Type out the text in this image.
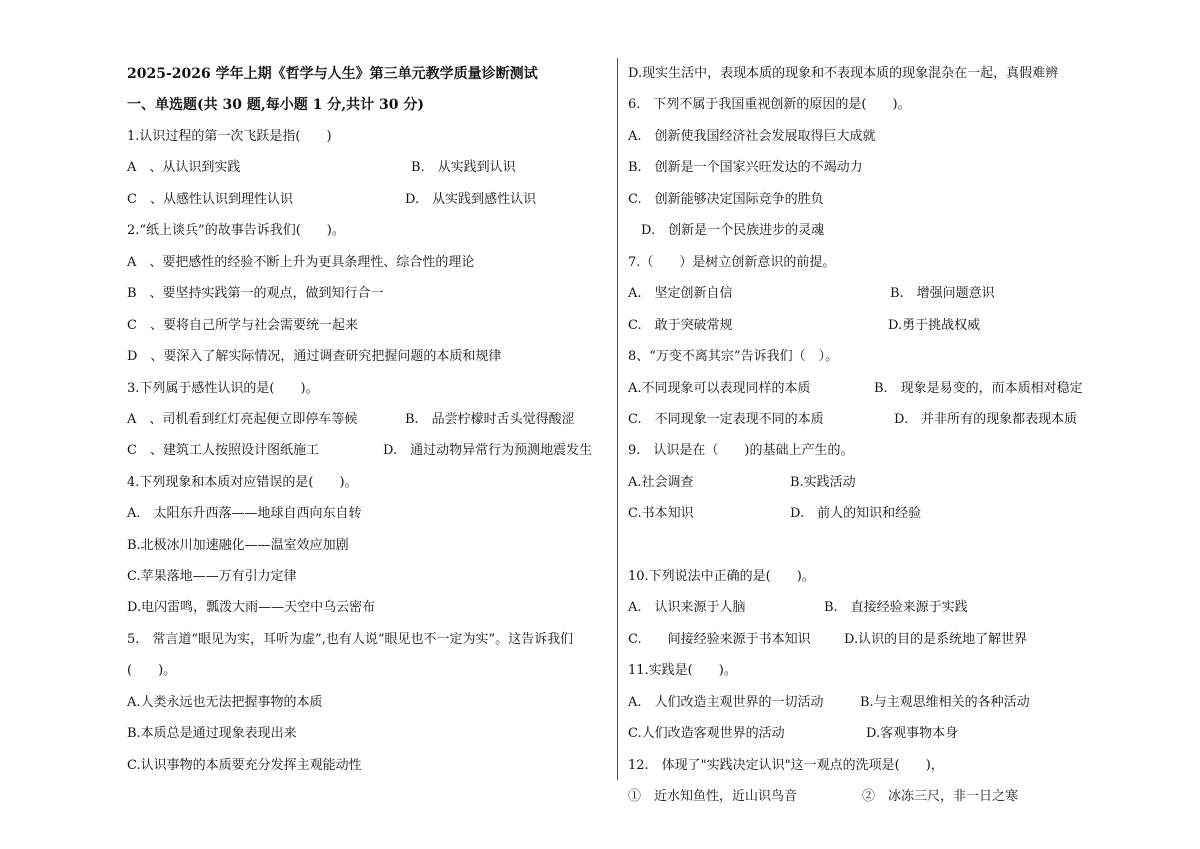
2025-2026 学年上期《哲学与人生》第三单元教学质量诊断测试
一、单选题(共 30 题,每小题 1 分,共计 30 分)
1.认识过程的第一次飞跃是指(　　)
A　、从认识到实践	B.　从实践到认识
C　、从感性认识到理性认识	D.　从实践到感性认识
2.“纸上谈兵”的故事告诉我们(　　)。
A　、要把感性的经验不断上升为更具条理性、综合性的理论
B　、要坚持实践第一的观点，做到知行合一
C　、要将自己所学与社会需要统一起来
D　、要深入了解实际情况，通过调查研究把握问题的本质和规律
3.下列属于感性认识的是(　　)。
A　、司机看到红灯亮起便立即停车等候	B.　品尝柠檬时舌头觉得酸涩
C　、建筑工人按照设计图纸施工	D.　通过动物异常行为预测地震发生
4.下列现象和本质对应错误的是(　　)。
A.　太阳东升西落——地球自西向东自转
B.北极冰川加速融化——温室效应加剧
C.苹果落地——万有引力定律
D.电闪雷鸣，瓢泼大雨——天空中乌云密布
5.　常言道“眼见为实，耳听为虚”,也有人说“眼见也不一定为实”。这告诉我们
(　　)。
A.人类永远也无法把握事物的本质
B.本质总是通过现象表现出来
C.认识事物的本质要充分发挥主观能动性
D.现实生活中，表现本质的现象和不表现本质的现象混杂在一起，真假难辨
6.　下列不属于我国重视创新的原因的是(　　)。
A.　创新使我国经济社会发展取得巨大成就
B.　创新是一个国家兴旺发达的不竭动力
C.　创新能够决定国际竞争的胜负
　D.　创新是一个民族进步的灵魂
7.（　　）是树立创新意识的前提。
A.　坚定创新自信	B.　增强问题意识
C.　敢于突破常规	D.勇于挑战权威
8、“万变不离其宗”告诉我们（　）。
A.不同现象可以表现同样的本质	B.　现象是易变的，而本质相对稳定
C.　不同现象一定表现不同的本质	D.　并非所有的现象都表现本质
9.　认识是在（　　)的基础上产生的。
A.社会调查	B.实践活动
C.书本知识	D.　前人的知识和经验
10.下列说法中正确的是(　　)。
A.　认识来源于人脑	B.　直接经验来源于实践
C.　　间接经验来源于书本知识	D.认识的目的是系统地了解世界
11.实践是(　　)。
A.　人们改造主观世界的一切活动	B.与主观思维相关的各种活动
C.人们改造客观世界的活动	D.客观事物本身
12.　体现了"实践决定认识"这一观点的洗项是(　　)，
①　近水知鱼性，近山识鸟音	②　冰冻三尺，非一日之寒
